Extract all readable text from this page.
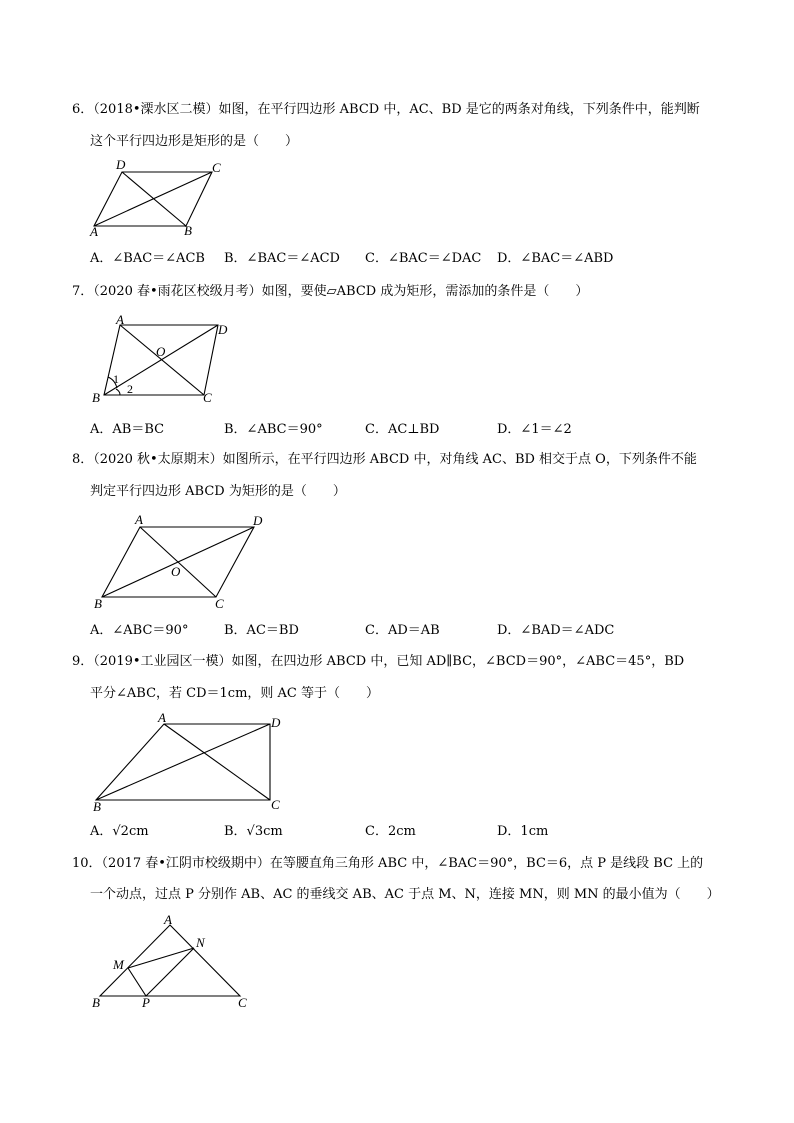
6．（2018•溧水区二模）如图，在平行四边形 ABCD 中，AC、BD 是它的两条对角线，下列条件中，能判断
这个平行四边形是矩形的是（　　）
D	C
A	B
A．∠BAC＝∠ACB B．∠BAC＝∠ACD C．∠BAC＝∠DAC D．∠BAC＝∠ABD
7．（2020 春•雨花区校级月考）如图，要使▱ABCD 成为矩形，需添加的条件是（　　）
A
D
O
1
2
B	C
A．AB＝BC	B．∠ABC＝90°	C．AC⊥BD	D．∠1＝∠2
8．（2020 秋•太原期末）如图所示，在平行四边形 ABCD 中，对角线 AC、BD 相交于点 O，下列条件不能
判定平行四边形 ABCD 为矩形的是（　　）
A	D
O
B	C
A．∠ABC＝90°	B．AC＝BD	C．AD＝AB	D．∠BAD＝∠ADC
9．（2019•工业园区一模）如图，在四边形 ABCD 中，已知 AD∥BC，∠BCD＝90°，∠ABC＝45°，BD
平分∠ABC，若 CD＝1cm，则 AC 等于（　　）
A	D
B	C
A．√2cm	B．√3cm	C．2cm	D．1cm
10．（2017 春•江阴市校级期中）在等腰直角三角形 ABC 中，∠BAC＝90°，BC＝6，点 P 是线段 BC 上的
一个动点，过点 P 分别作 AB、AC 的垂线交 AB、AC 于点 M、N，连接 MN，则 MN 的最小值为（　　）
A
N
M
B	P	C
